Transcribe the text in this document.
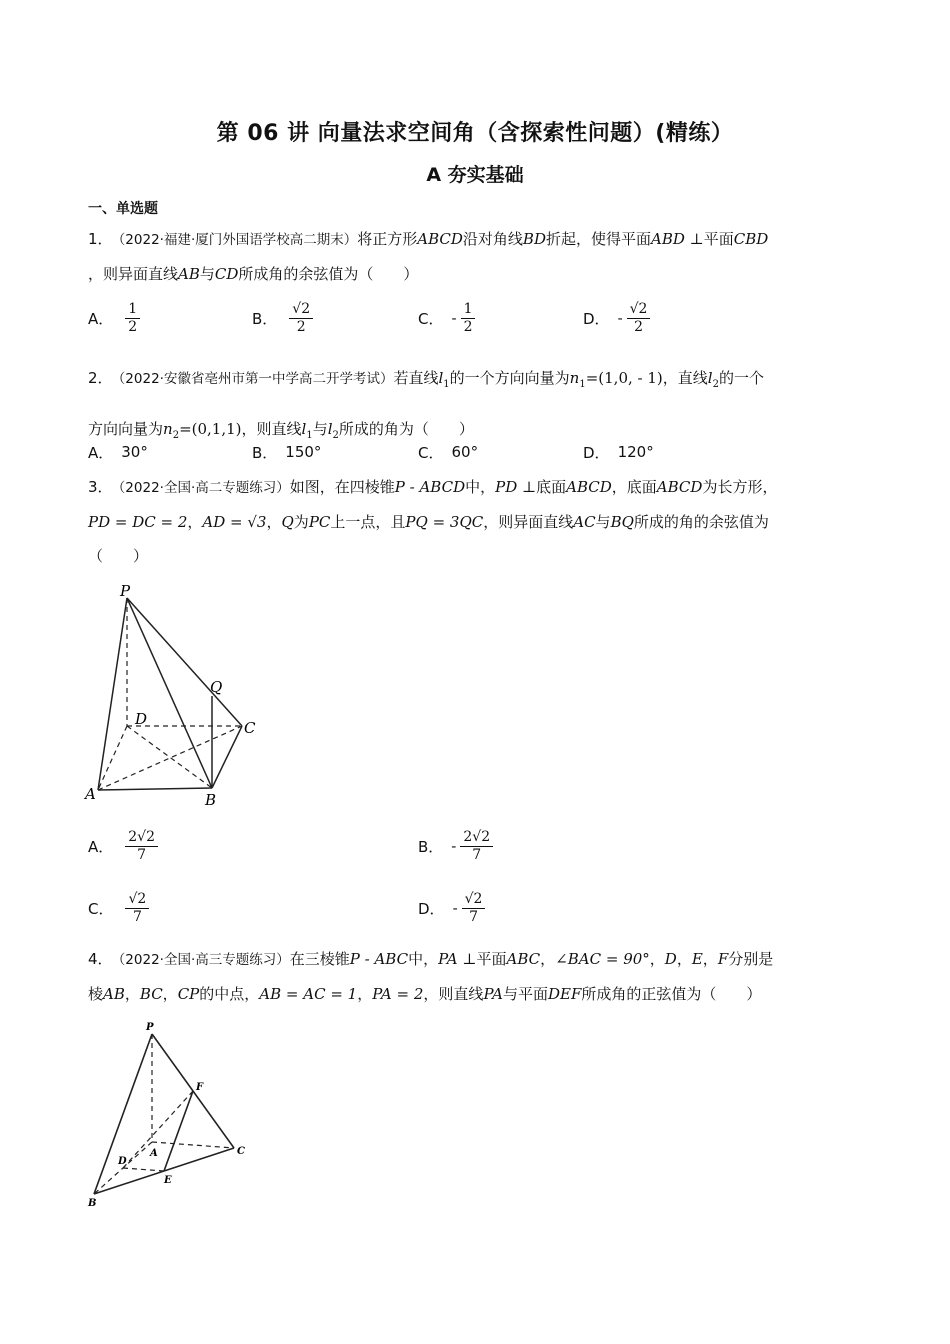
第 06 讲 向量法求空间角（含探索性问题）(精练）
A 夯实基础
一、单选题
1． （2022·福建·厦门外国语学校高二期末）将正方形ABCD沿对角线BD折起，使得平面ABD ⊥平面CBD
，则异面直线AB与CD所成角的余弦值为（　　）
A． $\frac{1}{2}$	B． $\frac{√2}{2}$	C． - $\frac{1}{2}$	D． - $\frac{√2}{2}$
2． （2022·安徽省亳州市第一中学高二开学考试）若直线$l_1$的一个方向向量为$n_1=(1,0$, - 1)，直线$l_2$的一个
方向向量为$n_2=(0,1,1)$，则直线$l_1$与$l_2$所成的角为（　　）
A． 30°	B． 150°	C． 60°	D． 120°
3． （2022·全国·高二专题练习）如图，在四棱锥P - ABCD中，PD ⊥底面ABCD，底面ABCD为长方形，
PD = DC = 2，AD = √3，Q为PC上一点，且PQ = 3QC，则异面直线AC与BQ所成的角的余弦值为
（　　）
P
Q
D	C
A	B
A． $\frac{2√2}{7}$	B． - $\frac{2√2}{7}$
C． $\frac{√2}{7}$	D． - $\frac{√2}{7}$
4． （2022·全国·高三专题练习）在三棱锥P - ABC中，PA ⊥平面ABC，∠BAC = 90°，D，E，F分别是
棱AB，BC，CP的中点，AB = AC = 1，PA = 2，则直线PA与平面DEF所成角的正弦值为（　　）
P
F
A
D
C
E
B
